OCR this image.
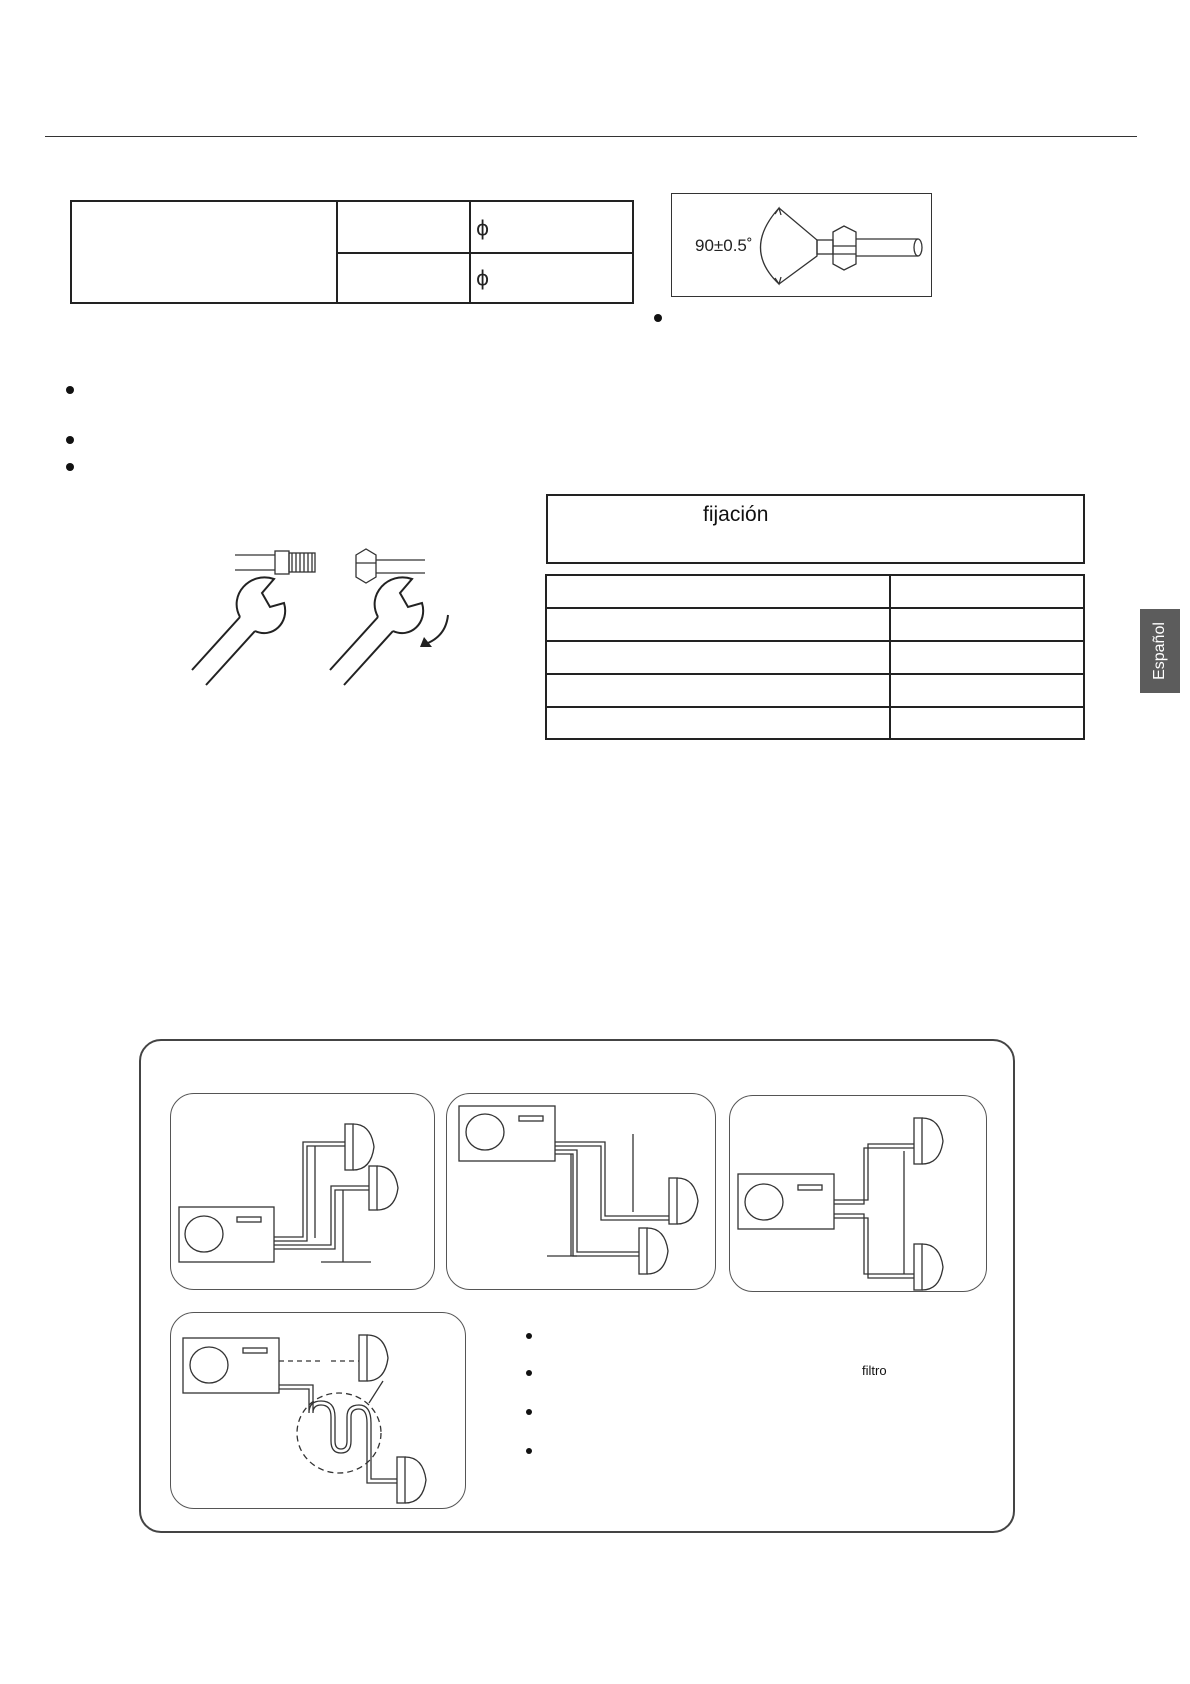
ϕ
ϕ
90±0.5˚
fijación
Español
filtro
